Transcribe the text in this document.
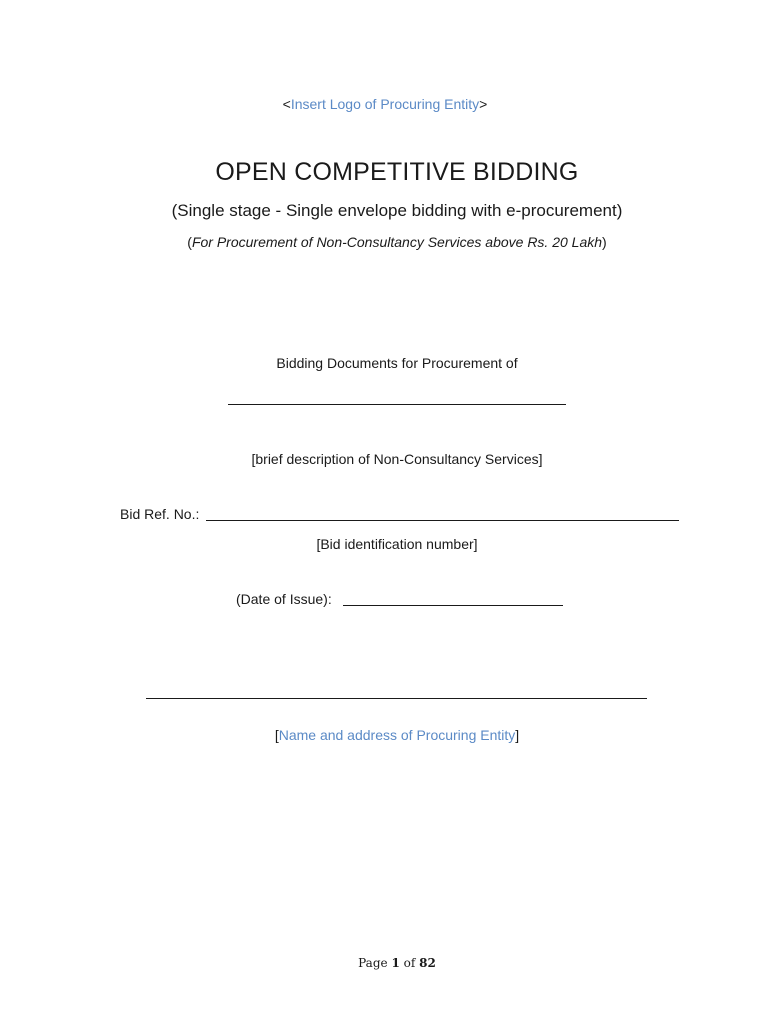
<Insert Logo of Procuring Entity>
OPEN COMPETITIVE BIDDING
(Single stage - Single envelope bidding with e-procurement)
(For Procurement of Non-Consultancy Services above Rs. 20 Lakh)
Bidding Documents for Procurement of
[brief description of Non-Consultancy Services]
Bid Ref. No.:
[Bid identification number]
(Date of Issue):
[Name and address of Procuring Entity]
Page 1 of 82
